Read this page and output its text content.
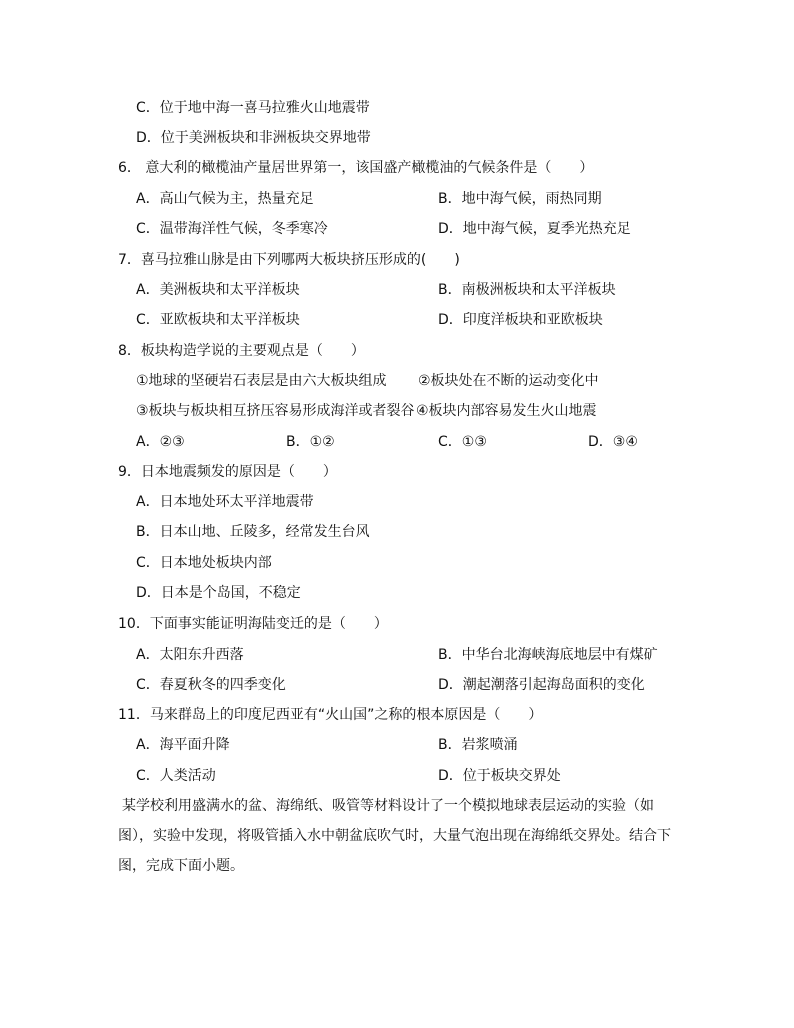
C．位于地中海一喜马拉雅火山地震带
D．位于美洲板块和非洲板块交界地带
6． 意大利的橄榄油产量居世界第一，该国盛产橄榄油的气候条件是（　　）
A．高山气候为主，热量充足	B．地中海气候，雨热同期
C．温带海洋性气候，冬季寒冷	D．地中海气候，夏季光热充足
7．喜马拉雅山脉是由下列哪两大板块挤压形成的(　　)
A．美洲板块和太平洋板块	B．南极洲板块和太平洋板块
C．亚欧板块和太平洋板块	D．印度洋板块和亚欧板块
8．板块构造学说的主要观点是（　　）
①地球的坚硬岩石表层是由六大板块组成 ②板块处在不断的运动变化中
③板块与板块相互挤压容易形成海洋或者裂谷 ④板块内部容易发生火山地震
A．②③	B．①②	C．①③	D．③④
9．日本地震频发的原因是（　　）
A．日本地处环太平洋地震带
B．日本山地、丘陵多，经常发生台风
C．日本地处板块内部
D．日本是个岛国，不稳定
10．下面事实能证明海陆变迁的是（　　）
A．太阳东升西落	B．中华台北海峡海底地层中有煤矿
C．春夏秋冬的四季变化	D．潮起潮落引起海岛面积的变化
11．马来群岛上的印度尼西亚有“火山国”之称的根本原因是（　　）
A．海平面升降	B．岩浆喷涌
C．人类活动	D．位于板块交界处
某学校利用盛满水的盆、海绵纸、吸管等材料设计了一个模拟地球表层运动的实验（如图），实验中发现，将吸管插入水中朝盆底吹气时，大量气泡出现在海绵纸交界处。结合下图，完成下面小题。
